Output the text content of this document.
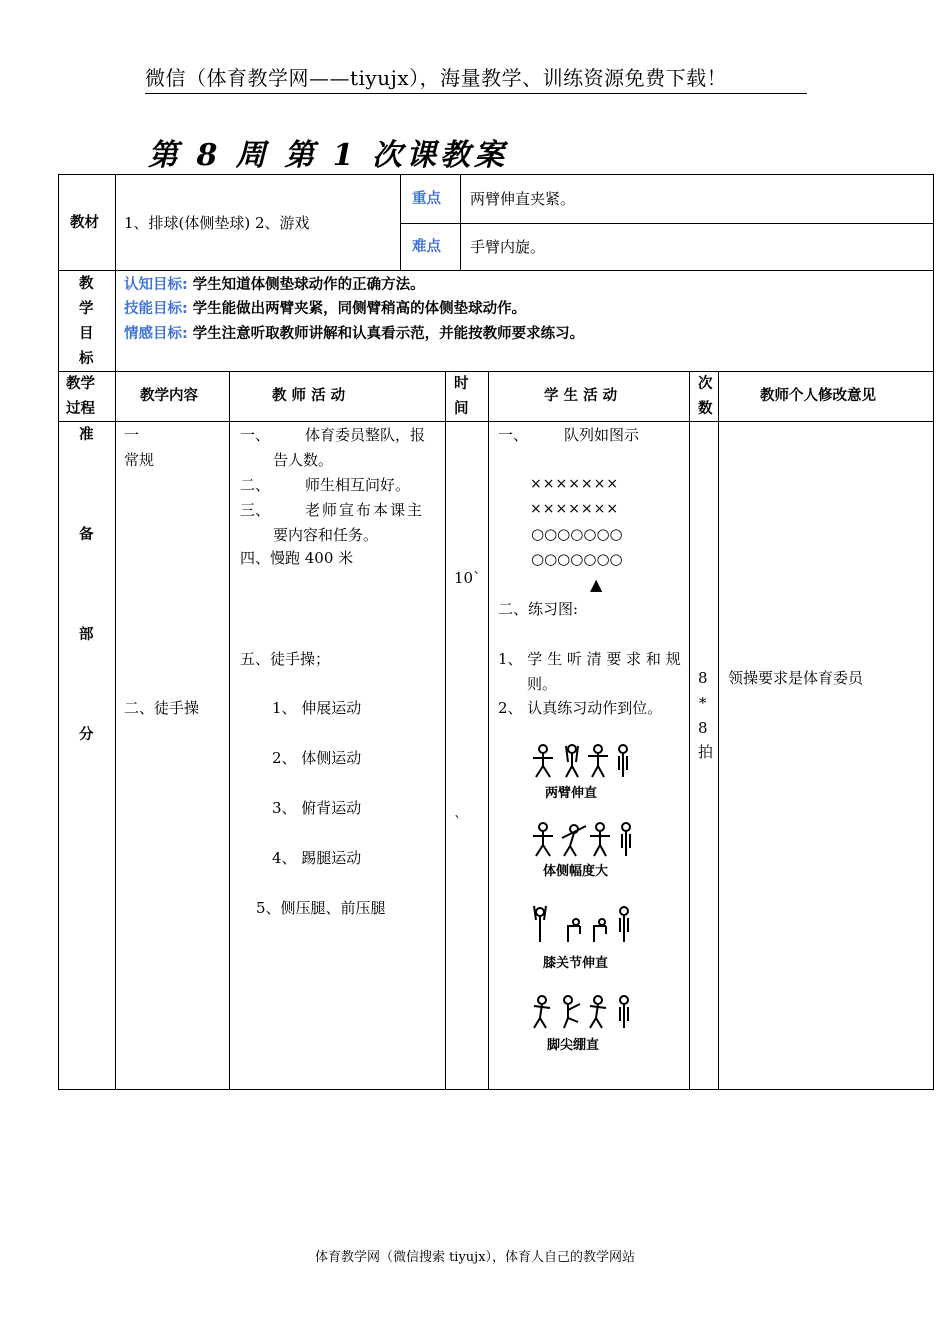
微信（体育教学网——tiyujx），海量教学、训练资源免费下载！
第 8 周 第 1 次课教案
教材 1、排球(体侧垫球) 2、游戏
重点 两臂伸直夹紧。
难点 手臂内旋。
教
学
目
标
认知目标: 学生知道体侧垫球动作的正确方法。
技能目标: 学生能做出两臂夹紧，同侧臂稍高的体侧垫球动作。
情感目标: 学生注意听取教师讲解和认真看示范，并能按教师要求练习。
教学
过程
教学内容	教 师 活 动
时
间
学 生 活 动
次
数
教师个人修改意见
准
备
部
分
一
常规
二、徒手操
一、 体育委员整队，报
告人数。
二、 师生相互问好。
三、 老师宣布本课主
要内容和任务。
四、慢跑 400 米
五、徒手操；
1、 伸展运动
2、 体侧运动
3、 俯背运动
4、 踢腿运动
5、侧压腿、前压腿
10`
`
一、 队列如图示
×××××××
×××××××
○○○○○○○
○○○○○○○
▲
二、练习图:
1、 学 生 听 清 要 求 和 规
则。
2、 认真练习动作到位。
两臂伸直
体侧幅度大
膝关节伸直
脚尖绷直
8
*
8
拍
领操要求是体育委员
体育教学网（微信搜索 tiyujx），体育人自己的教学网站
